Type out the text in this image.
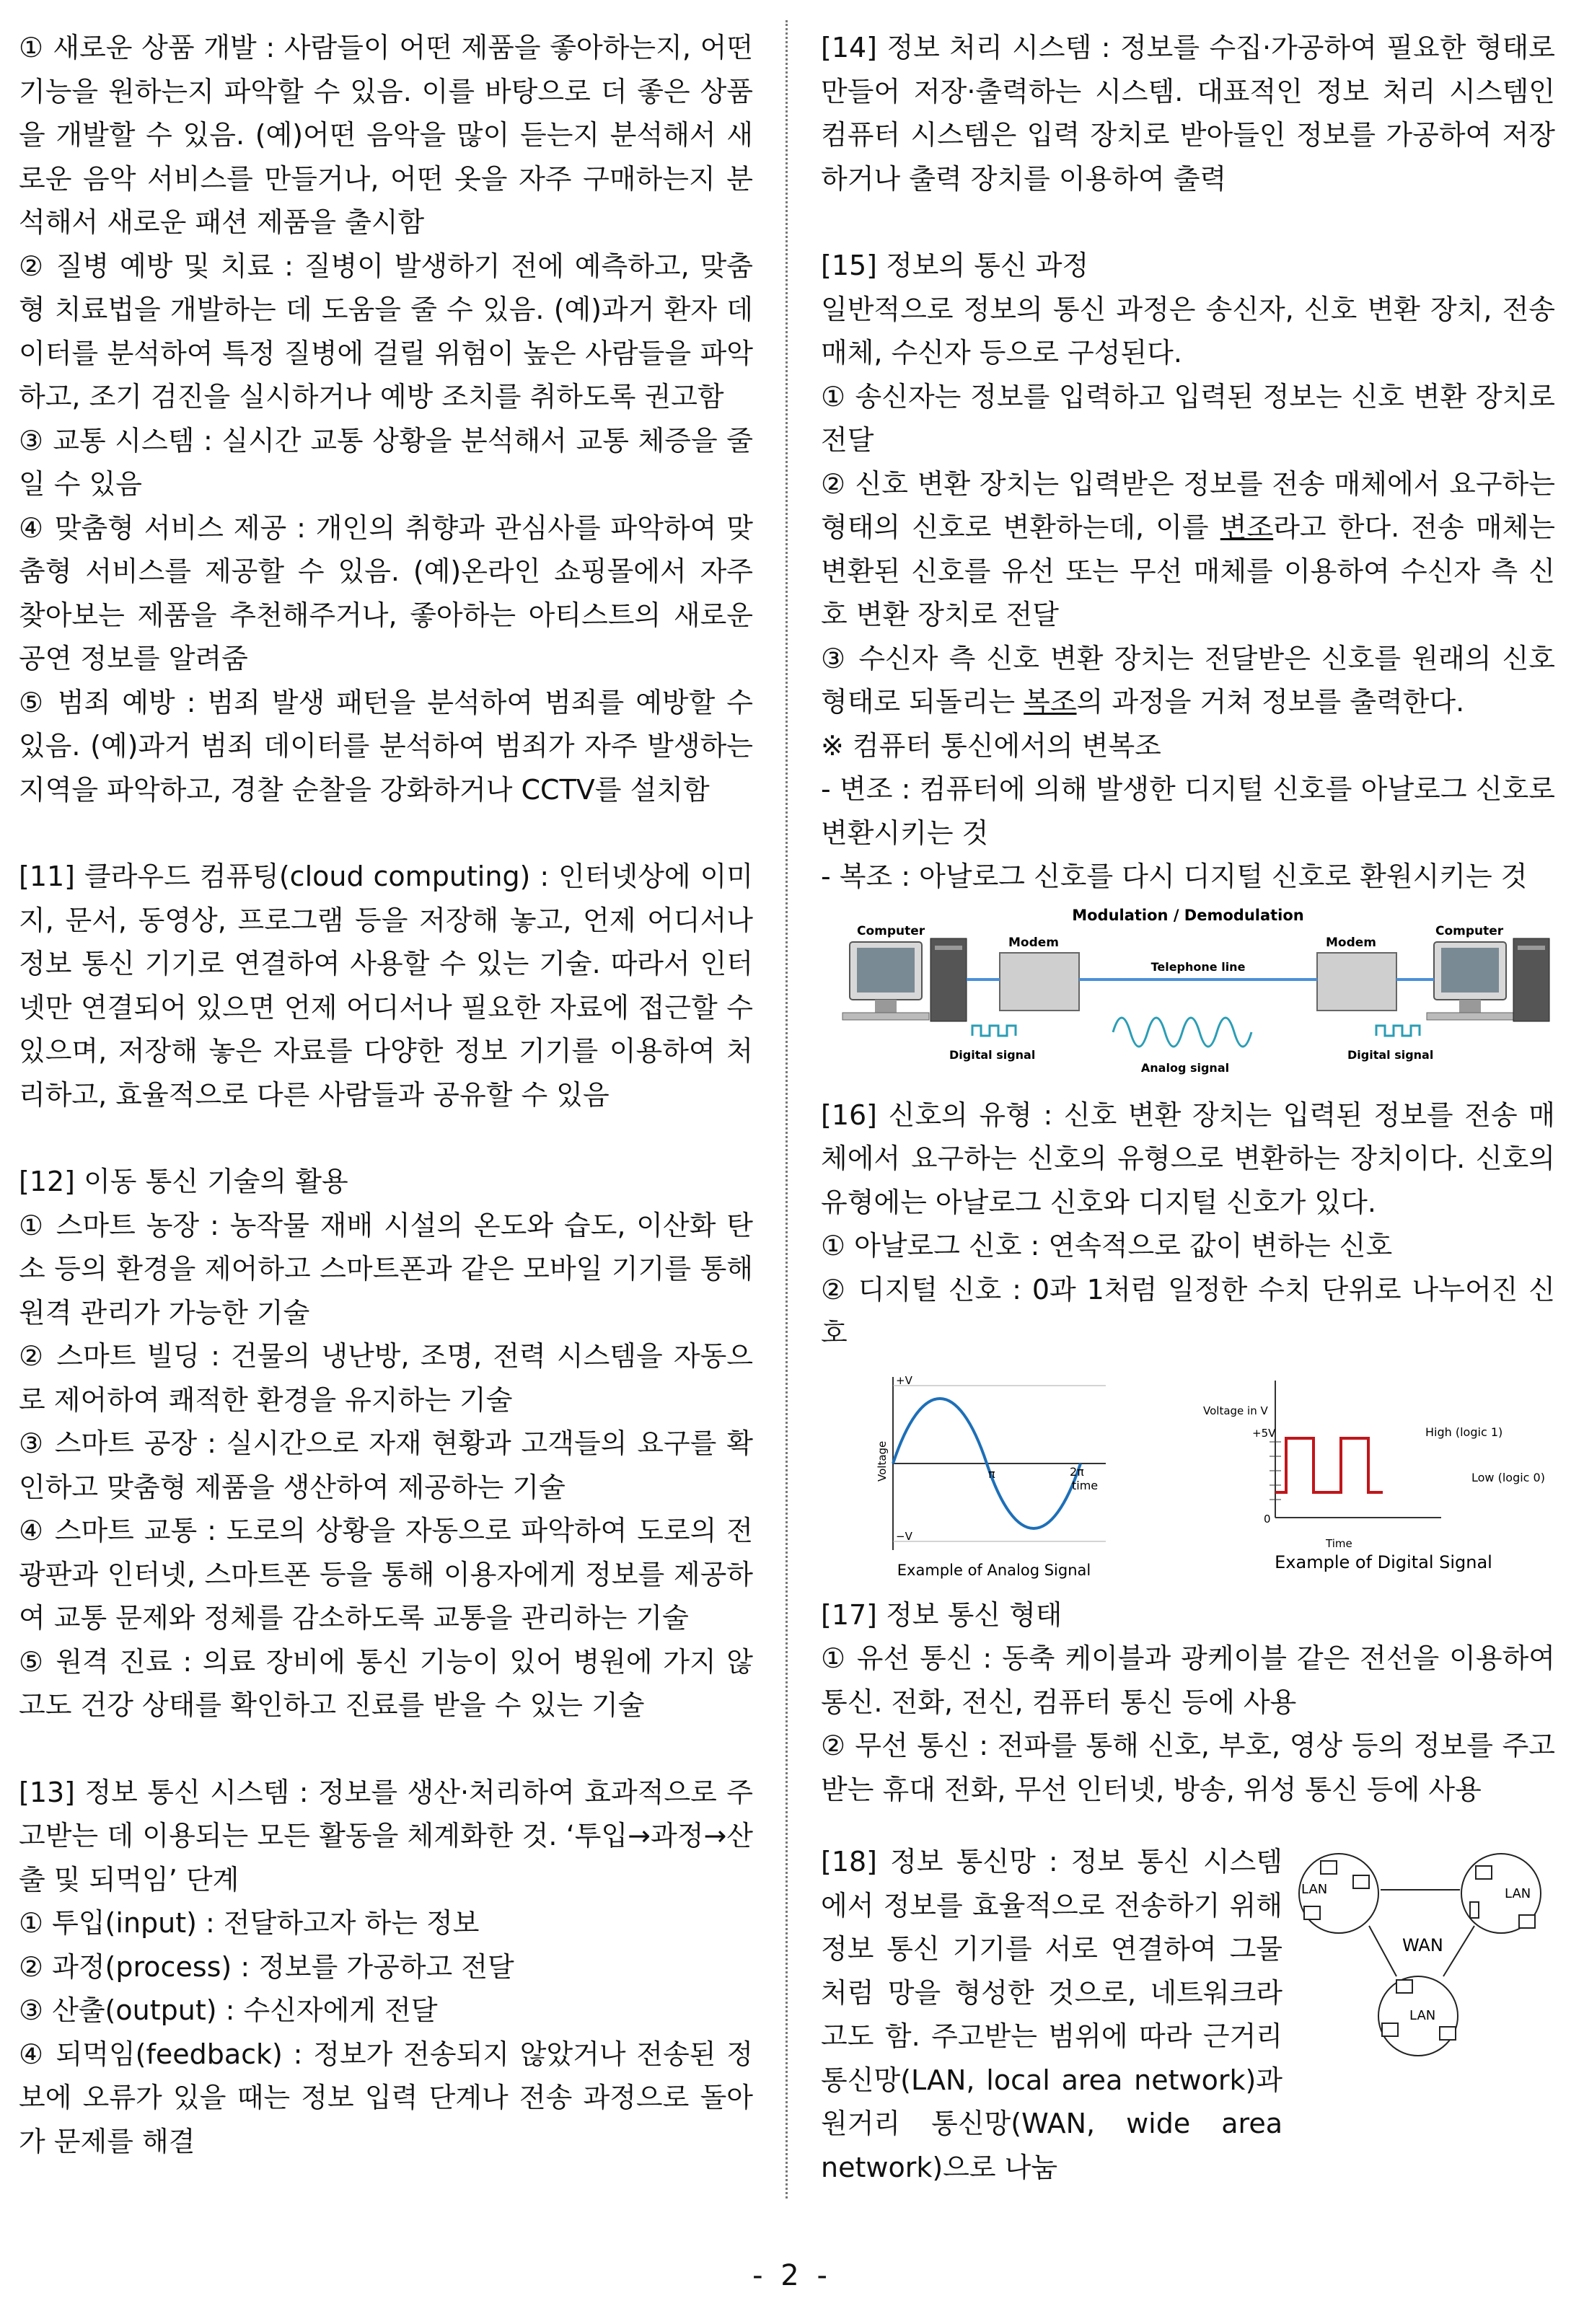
① 새로운 상품 개발 : 사람들이 어떤 제품을 좋아하는지, 어떤 기능을 원하는지 파악할 수 있음. 이를 바탕으로 더 좋은 상품을 개발할 수 있음. (예)어떤 음악을 많이 듣는지 분석해서 새로운 음악 서비스를 만들거나, 어떤 옷을 자주 구매하는지 분석해서 새로운 패션 제품을 출시함

② 질병 예방 및 치료 : 질병이 발생하기 전에 예측하고, 맞춤형 치료법을 개발하는 데 도움을 줄 수 있음. (예)과거 환자 데이터를 분석하여 특정 질병에 걸릴 위험이 높은 사람들을 파악하고, 조기 검진을 실시하거나 예방 조치를 취하도록 권고함

③ 교통 시스템 : 실시간 교통 상황을 분석해서 교통 체증을 줄일 수 있음

④ 맞춤형 서비스 제공 : 개인의 취향과 관심사를 파악하여 맞춤형 서비스를 제공할 수 있음. (예)온라인 쇼핑몰에서 자주 찾아보는 제품을 추천해주거나, 좋아하는 아티스트의 새로운 공연 정보를 알려줌

⑤ 범죄 예방 : 범죄 발생 패턴을 분석하여 범죄를 예방할 수 있음. (예)과거 범죄 데이터를 분석하여 범죄가 자주 발생하는 지역을 파악하고, 경찰 순찰을 강화하거나 CCTV를 설치함

[11] 클라우드 컴퓨팅(cloud computing) : 인터넷상에 이미지, 문서, 동영상, 프로그램 등을 저장해 놓고, 언제 어디서나 정보 통신 기기로 연결하여 사용할 수 있는 기술. 따라서 인터넷만 연결되어 있으면 언제 어디서나 필요한 자료에 접근할 수 있으며, 저장해 놓은 자료를 다양한 정보 기기를 이용하여 처리하고, 효율적으로 다른 사람들과 공유할 수 있음

[12] 이동 통신 기술의 활용

① 스마트 농장 : 농작물 재배 시설의 온도와 습도, 이산화 탄소 등의 환경을 제어하고 스마트폰과 같은 모바일 기기를 통해 원격 관리가 가능한 기술

② 스마트 빌딩 : 건물의 냉난방, 조명, 전력 시스템을 자동으로 제어하여 쾌적한 환경을 유지하는 기술

③ 스마트 공장 : 실시간으로 자재 현황과 고객들의 요구를 확인하고 맞춤형 제품을 생산하여 제공하는 기술

④ 스마트 교통 : 도로의 상황을 자동으로 파악하여 도로의 전광판과 인터넷, 스마트폰 등을 통해 이용자에게 정보를 제공하여 교통 문제와 정체를 감소하도록 교통을 관리하는 기술

⑤ 원격 진료 : 의료 장비에 통신 기능이 있어 병원에 가지 않고도 건강 상태를 확인하고 진료를 받을 수 있는 기술

[13] 정보 통신 시스템 : 정보를 생산·처리하여 효과적으로 주고받는 데 이용되는 모든 활동을 체계화한 것. ‘투입→과정→산출 및 되먹임’ 단계

① 투입(input) : 전달하고자 하는 정보

② 과정(process) : 정보를 가공하고 전달

③ 산출(output) : 수신자에게 전달

④ 되먹임(feedback) : 정보가 전송되지 않았거나 전송된 정보에 오류가 있을 때는 정보 입력 단계나 전송 과정으로 돌아가 문제를 해결

[14] 정보 처리 시스템 : 정보를 수집·가공하여 필요한 형태로 만들어 저장·출력하는 시스템. 대표적인 정보 처리 시스템인 컴퓨터 시스템은 입력 장치로 받아들인 정보를 가공하여 저장하거나 출력 장치를 이용하여 출력

[15] 정보의 통신 과정

일반적으로 정보의 통신 과정은 송신자, 신호 변환 장치, 전송 매체, 수신자 등으로 구성된다.

① 송신자는 정보를 입력하고 입력된 정보는 신호 변환 장치로 전달

② 신호 변환 장치는 입력받은 정보를 전송 매체에서 요구하는 형태의 신호로 변환하는데, 이를 변조라고 한다. 전송 매체는 변환된 신호를 유선 또는 무선 매체를 이용하여 수신자 측 신호 변환 장치로 전달

③ 수신자 측 신호 변환 장치는 전달받은 신호를 원래의 신호 형태로 되돌리는 복조의 과정을 거쳐 정보를 출력한다.

※ 컴퓨터 통신에서의 변복조

- 변조 : 컴퓨터에 의해 발생한 디지털 신호를 아날로그 신호로 변환시키는 것

- 복조 : 아날로그 신호를 다시 디지털 신호로 환원시키는 것

Modulation / Demodulation
Computer	Computer
Modem	Modem
Telephone line
Digital signal	Digital signal
Analog signal

[16] 신호의 유형 : 신호 변환 장치는 입력된 정보를 전송 매체에서 요구하는 신호의 유형으로 변환하는 장치이다. 신호의 유형에는 아날로그 신호와 디지털 신호가 있다.

① 아날로그 신호 : 연속적으로 값이 변하는 신호

② 디지털 신호 : 0과 1처럼 일정한 수치 단위로 나누어진 신호

+V
−V
π	2π
time
Voltage
Example of Analog Signal
Voltage in V
+5V
0
High (logic 1)
Low (logic 0)
Time
Example of Digital Signal

[17] 정보 통신 형태

① 유선 통신 : 동축 케이블과 광케이블 같은 전선을 이용하여 통신. 전화, 전신, 컴퓨터 통신 등에 사용

② 무선 통신 : 전파를 통해 신호, 부호, 영상 등의 정보를 주고받는 휴대 전화, 무선 인터넷, 방송, 위성 통신 등에 사용

[18] 정보 통신망 : 정보 통신 시스템에서 정보를 효율적으로 전송하기 위해 정보 통신 기기를 서로 연결하여 그물처럼 망을 형성한 것으로, 네트워크라고도 함. 주고받는 범위에 따라 근거리 통신망(LAN, local area network)과 원거리 통신망(WAN, wide area network)으로 나눔

LAN	LAN
LAN
WAN
- 2 -
